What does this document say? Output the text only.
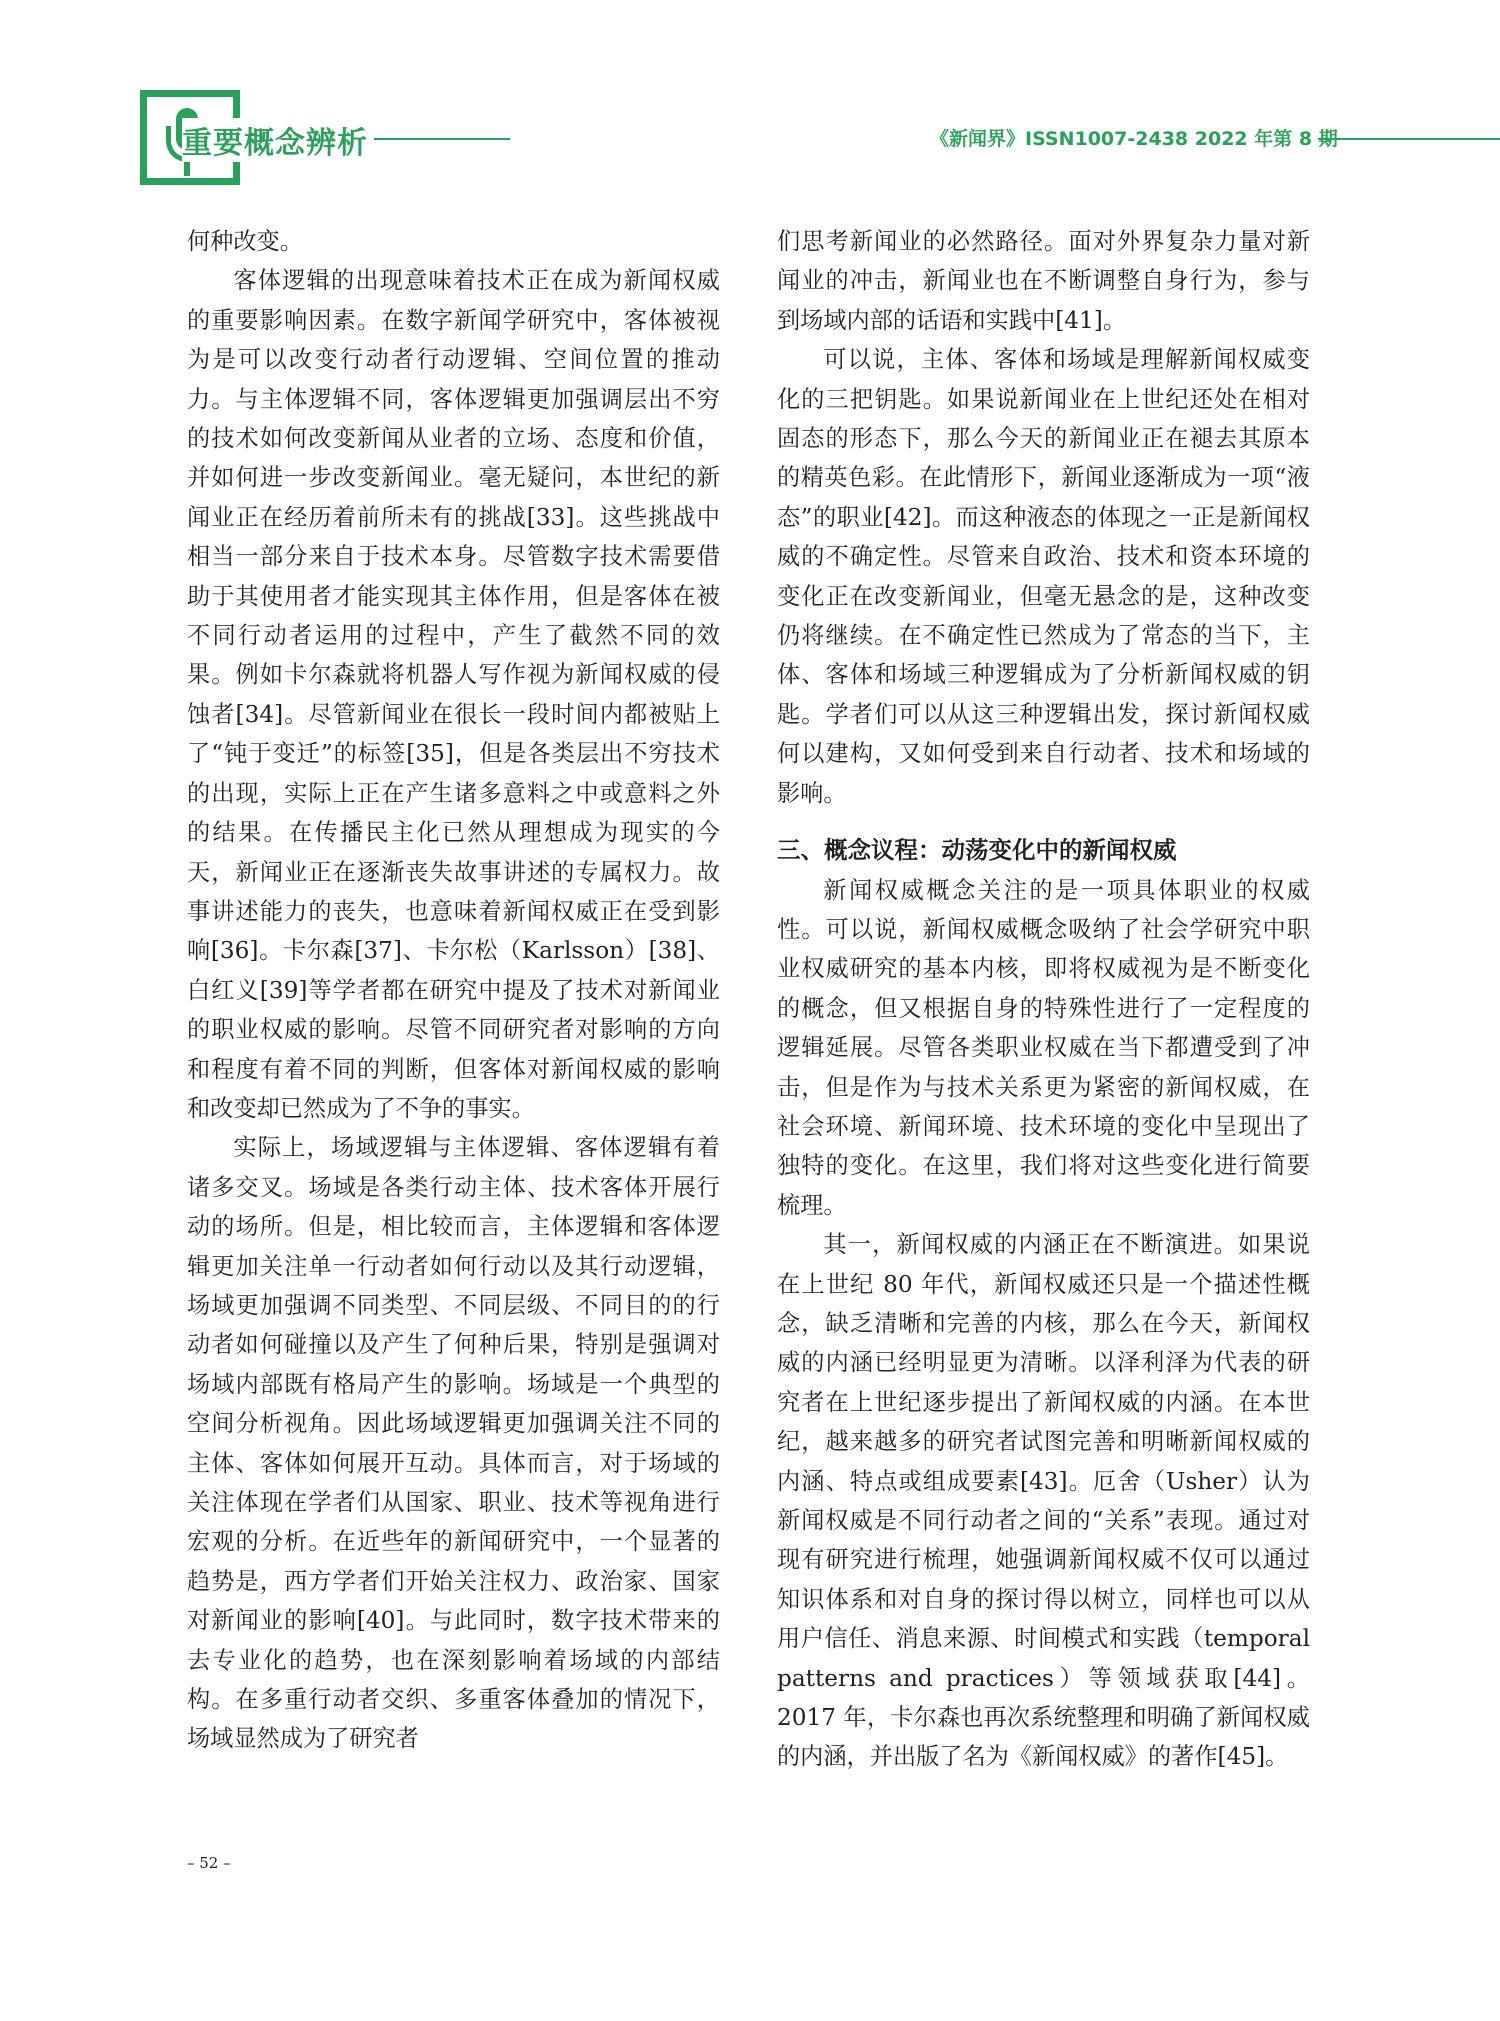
重要概念辨析	《新闻界》ISSN1007-2438 2022 年第 8 期

何种改变。

客体逻辑的出现意味着技术正在成为新闻权威的重要影响因素。在数字新闻学研究中，客体被视为是可以改变行动者行动逻辑、空间位置的推动力。与主体逻辑不同，客体逻辑更加强调层出不穷的技术如何改变新闻从业者的立场、态度和价值，并如何进一步改变新闻业。毫无疑问，本世纪的新闻业正在经历着前所未有的挑战[33]。这些挑战中相当一部分来自于技术本身。尽管数字技术需要借助于其使用者才能实现其主体作用，但是客体在被不同行动者运用的过程中，产生了截然不同的效果。例如卡尔森就将机器人写作视为新闻权威的侵蚀者[34]。尽管新闻业在很长一段时间内都被贴上了“钝于变迁”的标签[35]，但是各类层出不穷技术的出现，实际上正在产生诸多意料之中或意料之外的结果。在传播民主化已然从理想成为现实的今天，新闻业正在逐渐丧失故事讲述的专属权力。故事讲述能力的丧失，也意味着新闻权威正在受到影响[36]。卡尔森[37]、卡尔松（Karlsson）[38]、白红义[39]等学者都在研究中提及了技术对新闻业的职业权威的影响。尽管不同研究者对影响的方向和程度有着不同的判断，但客体对新闻权威的影响和改变却已然成为了不争的事实。

实际上，场域逻辑与主体逻辑、客体逻辑有着诸多交叉。场域是各类行动主体、技术客体开展行动的场所。但是，相比较而言，主体逻辑和客体逻辑更加关注单一行动者如何行动以及其行动逻辑，场域更加强调不同类型、不同层级、不同目的的行动者如何碰撞以及产生了何种后果，特别是强调对场域内部既有格局产生的影响。场域是一个典型的空间分析视角。因此场域逻辑更加强调关注不同的主体、客体如何展开互动。具体而言，对于场域的关注体现在学者们从国家、职业、技术等视角进行宏观的分析。在近些年的新闻研究中，一个显著的趋势是，西方学者们开始关注权力、政治家、国家对新闻业的影响[40]。与此同时，数字技术带来的去专业化的趋势，也在深刻影响着场域的内部结构。在多重行动者交织、多重客体叠加的情况下，场域显然成为了研究者

们思考新闻业的必然路径。面对外界复杂力量对新闻业的冲击，新闻业也在不断调整自身行为，参与到场域内部的话语和实践中[41]。

可以说，主体、客体和场域是理解新闻权威变化的三把钥匙。如果说新闻业在上世纪还处在相对固态的形态下，那么今天的新闻业正在褪去其原本的精英色彩。在此情形下，新闻业逐渐成为一项“液态”的职业[42]。而这种液态的体现之一正是新闻权威的不确定性。尽管来自政治、技术和资本环境的变化正在改变新闻业，但毫无悬念的是，这种改变仍将继续。在不确定性已然成为了常态的当下，主体、客体和场域三种逻辑成为了分析新闻权威的钥匙。学者们可以从这三种逻辑出发，探讨新闻权威何以建构，又如何受到来自行动者、技术和场域的影响。

三、概念议程：动荡变化中的新闻权威

新闻权威概念关注的是一项具体职业的权威性。可以说，新闻权威概念吸纳了社会学研究中职业权威研究的基本内核，即将权威视为是不断变化的概念，但又根据自身的特殊性进行了一定程度的逻辑延展。尽管各类职业权威在当下都遭受到了冲击，但是作为与技术关系更为紧密的新闻权威，在社会环境、新闻环境、技术环境的变化中呈现出了独特的变化。在这里，我们将对这些变化进行简要梳理。

其一，新闻权威的内涵正在不断演进。如果说在上世纪 80 年代，新闻权威还只是一个描述性概念，缺乏清晰和完善的内核，那么在今天，新闻权威的内涵已经明显更为清晰。以泽利泽为代表的研究者在上世纪逐步提出了新闻权威的内涵。在本世纪，越来越多的研究者试图完善和明晰新闻权威的内涵、特点或组成要素[43]。厄舍（Usher）认为新闻权威是不同行动者之间的“关系”表现。通过对现有研究进行梳理，她强调新闻权威不仅可以通过知识体系和对自身的探讨得以树立，同样也可以从用户信任、消息来源、时间模式和实践（temporal patterns and practices）等领域获取[44]。2017 年，卡尔森也再次系统整理和明确了新闻权威的内涵，并出版了名为《新闻权威》的著作[45]。

– 52 –
